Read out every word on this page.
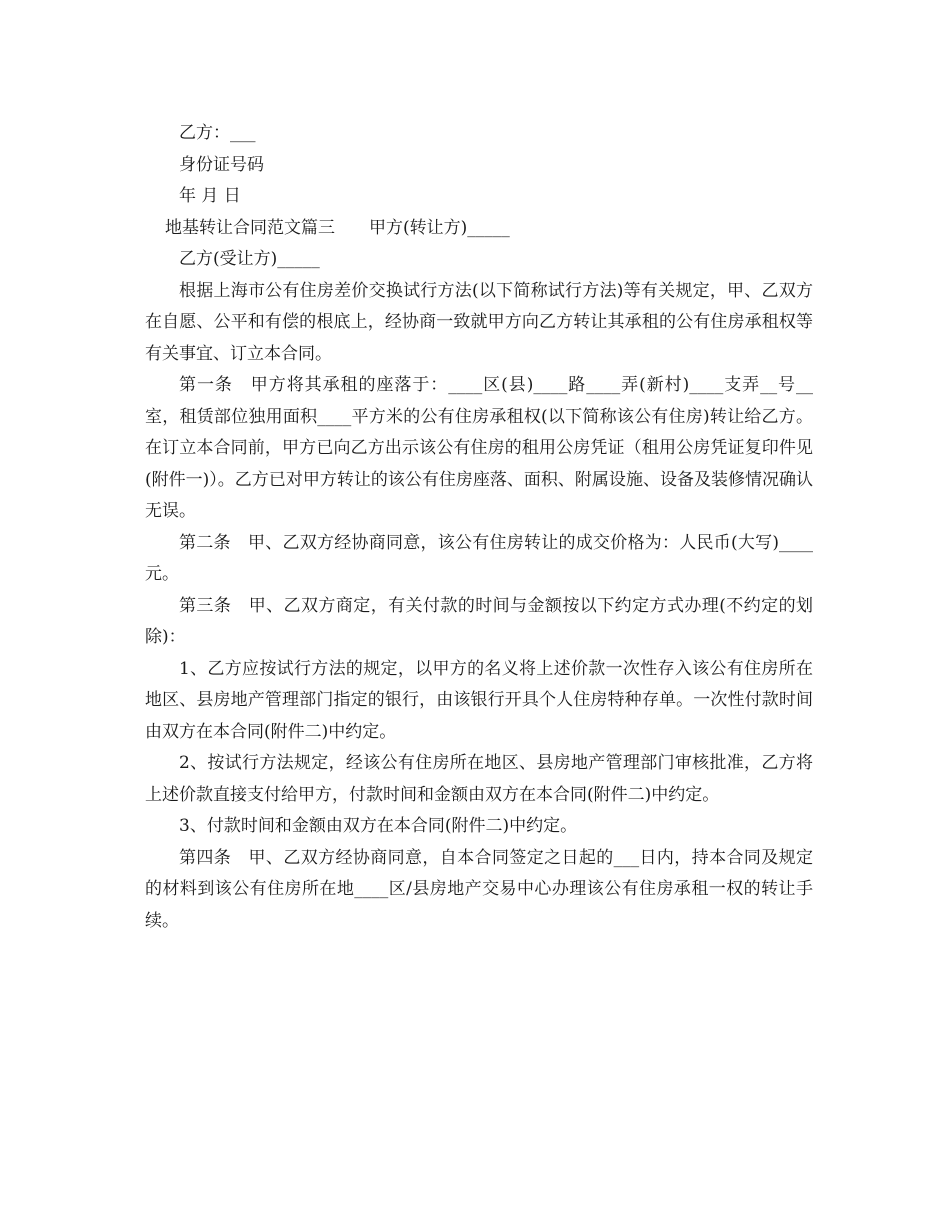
乙方：___

身份证号码

年 月 日

地基转让合同范文篇三　　甲方(转让方)_____

乙方(受让方)_____

根据上海市公有住房差价交换试行方法(以下简称试行方法)等有关规定，甲、乙双方在自愿、公平和有偿的根底上，经协商一致就甲方向乙方转让其承租的公有住房承租权等有关事宜、订立本合同。

第一条　甲方将其承租的座落于：____区(县)____路____弄(新村)____支弄__号__室，租赁部位独用面积____平方米的公有住房承租权(以下简称该公有住房)转让给乙方。在订立本合同前，甲方已向乙方出示该公有住房的租用公房凭证（租用公房凭证复印件见(附件一)）。乙方已对甲方转让的该公有住房座落、面积、附属设施、设备及装修情况确认无误。

第二条　甲、乙双方经协商同意，该公有住房转让的成交价格为：人民币(大写)____元。

第三条　甲、乙双方商定，有关付款的时间与金额按以下约定方式办理(不约定的划除)：

1、乙方应按试行方法的规定，以甲方的名义将上述价款一次性存入该公有住房所在地区、县房地产管理部门指定的银行，由该银行开具个人住房特种存单。一次性付款时间由双方在本合同(附件二)中约定。

2、按试行方法规定，经该公有住房所在地区、县房地产管理部门审核批准，乙方将上述价款直接支付给甲方，付款时间和金额由双方在本合同(附件二)中约定。

3、付款时间和金额由双方在本合同(附件二)中约定。

第四条　甲、乙双方经协商同意，自本合同签定之日起的___日内，持本合同及规定的材料到该公有住房所在地____区/县房地产交易中心办理该公有住房承租一权的转让手续。
